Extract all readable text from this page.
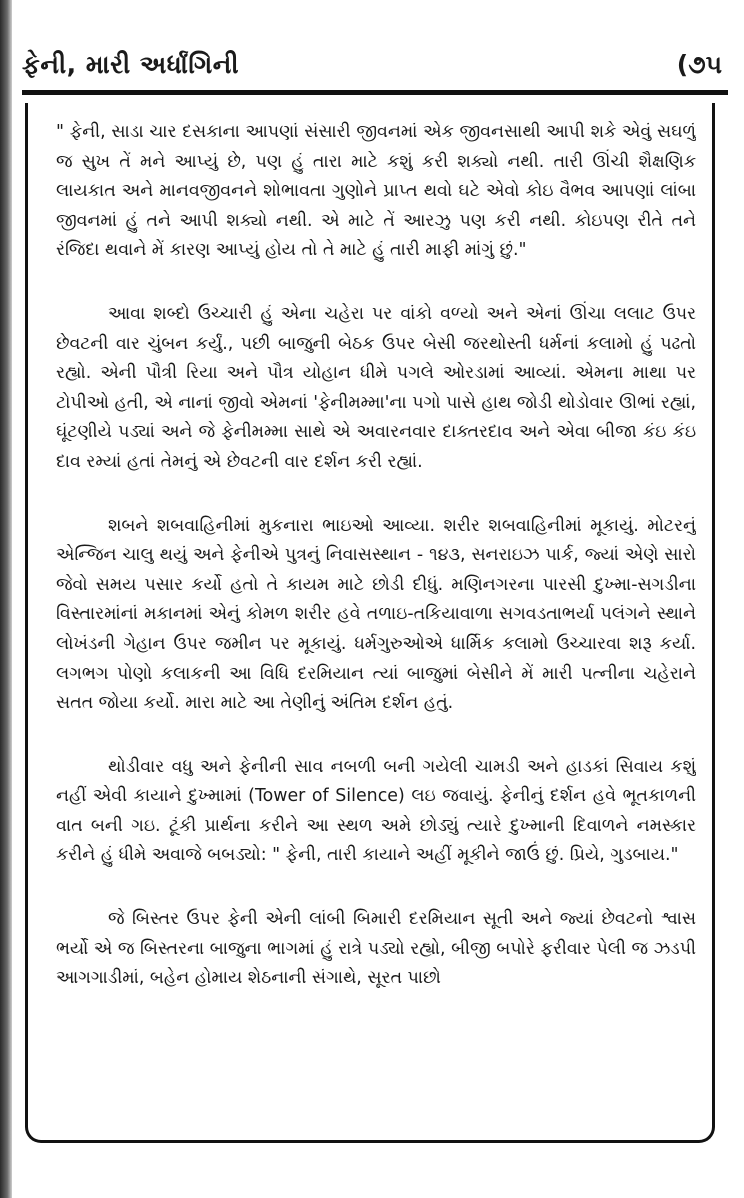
ફેની, મારી અર્ધાંગિની	(૭૫

" ફેની, સાડા ચાર દસકાના આપણાં સંસારી જીવનમાં એક જીવનસાથી આપી શકે એવું સઘળું જ સુખ તેં મને આપ્યું છે, પણ હું તારા માટે કશું કરી શક્યો નથી. તારી ઊંચી શૈક્ષણિક લાયકાત અને માનવજીવનને શોભાવતા ગુણોને પ્રાપ્ત થવો ઘટે એવો કોઇ વૈભવ આપણાં લાંબા જીવનમાં હું તને આપી શક્યો નથી. એ માટે તેં આરઝુ પણ કરી નથી. કોઇપણ રીતે તને રંજિદા થવાને મેં કારણ આપ્યું હોય તો તે માટે હું તારી માફી માંગું છું."

આવા શબ્દો ઉચ્ચારી હું એના ચહેરા પર વાંકો વળ્યો અને એનાં ઊંચા લલાટ ઉપર છેવટની વાર ચુંબન કર્યું., પછી બાજુની બેઠક ઉપર બેસી જરથોસ્તી ધર્મનાં કલામો હું પઢતો રહ્યો. એની પૌત્રી રિયા અને પૌત્ર યોહાન ધીમે પગલે ઓરડામાં આવ્યાં. એમના માથા પર ટોપીઓ હતી, એ નાનાં જીવો એમનાં 'ફેનીમમ્મા'ના પગો પાસે હાથ જોડી થોડોવાર ઊભાં રહ્યાં, ઘૂંટણીયે પડ્યાં અને જે ફેનીમમ્મા સાથે એ અવારનવાર દાક્તરદાવ અને એવા બીજા કંઇ કંઇ દાવ રમ્યાં હતાં તેમનું એ છેવટની વાર દર્શન કરી રહ્યાં.

શબને શબવાહિનીમાં મુકનારા ભાઇઓ આવ્યા. શરીર શબવાહિનીમાં મૂકાયું. મોટરનું એન્જિન ચાલુ થયું અને ફેનીએ પુત્રનું નિવાસસ્થાન - ૧૪૩, સનરાઇઝ પાર્ક, જ્યાં એણે સારો જેવો સમય પસાર કર્યો હતો તે કાયમ માટે છોડી દીધું. મણિનગરના પારસી દુખ્મા-સગડીના વિસ્તારમાંનાં મકાનમાં એનું કોમળ શરીર હવે તળાઇ-તકિયાવાળા સગવડતાભર્યા પલંગને સ્થાને લોખંડની ગેહાન ઉપર જમીન પર મૂકાયું. ધર્મગુરુઓએ ધાર્મિક કલામો ઉચ્ચારવા શરૂ કર્યા. લગભગ પોણો કલાકની આ વિધિ દરમિયાન ત્યાં બાજુમાં બેસીને મેં મારી પત્નીના ચહેરાને સતત જોયા કર્યો. મારા માટે આ તેણીનું અંતિમ દર્શન હતું.

થોડીવાર વધુ અને ફેનીની સાવ નબળી બની ગયેલી ચામડી અને હાડકાં સિવાય કશું નહીં એવી કાયાને દુખ્મામાં (Tower of Silence) લઇ જવાયું. ફેનીનું દર્શન હવે ભૂતકાળની વાત બની ગઇ. ટૂંકી પ્રાર્થના કરીને આ સ્થળ અમે છોડ્યું ત્યારે દુખ્માની દિવાળને નમસ્કાર કરીને હું ધીમે અવાજે બબડ્યો: " ફેની, તારી કાયાને અહીં મૂકીને જાઉં છું. પ્રિયે, ગુડબાય."

જે બિસ્તર ઉપર ફેની એની લાંબી બિમારી દરમિયાન સૂતી અને જ્યાં છેવટનો શ્વાસ ભર્યો એ જ બિસ્તરના બાજુના ભાગમાં હું રાત્રે પડ્યો રહ્યો, બીજી બપોરે ફરીવાર પેલી જ ઝડપી આગગાડીમાં, બહેન હોમાય શેઠનાની સંગાથે, સૂરત પાછો
